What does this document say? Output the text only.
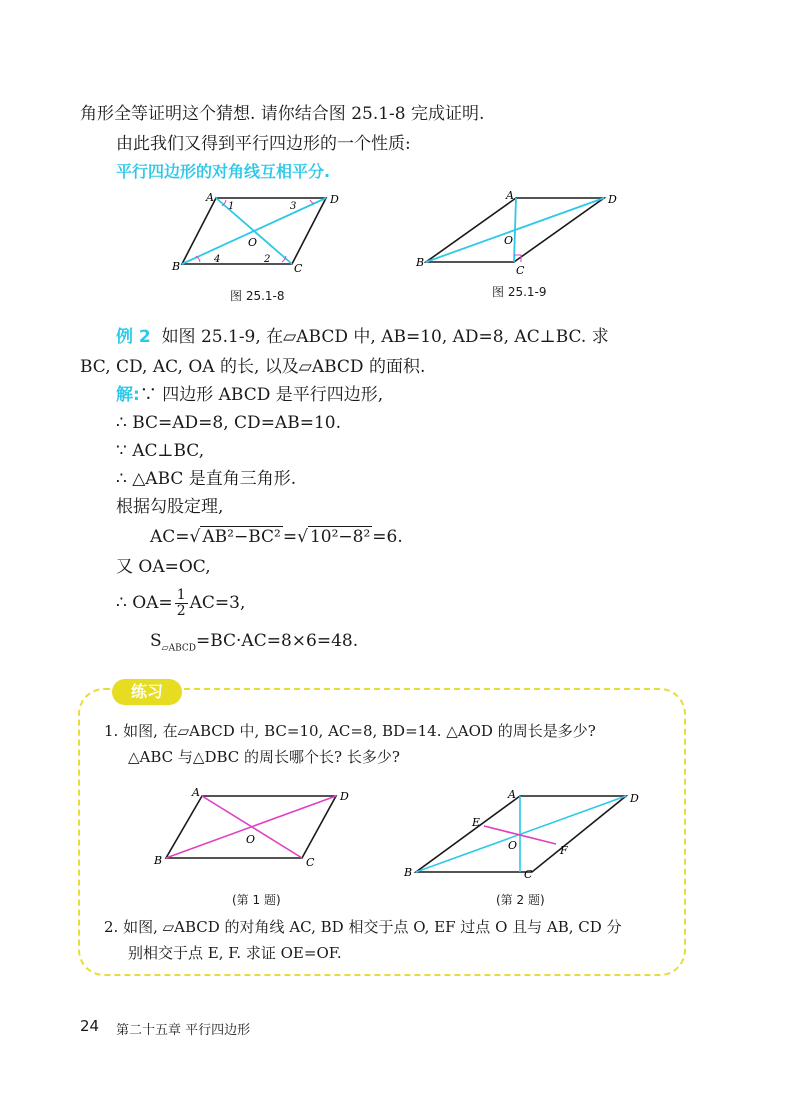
角形全等证明这个猜想. 请你结合图 25.1-8 完成证明.
由此我们又得到平行四边形的一个性质:
平行四边形的对角线互相平分.
A	D
B	C
O
1	3
2
4
图 25.1-8
A	D
B
C
O
图 25.1-9
例 2 如图 25.1-9, 在▱ABCD 中, AB=10, AD=8, AC⊥BC. 求
BC, CD, AC, OA 的长, 以及▱ABCD 的面积.
解:∵ 四边形 ABCD 是平行四边形,
∴ BC=AD=8, CD=AB=10.
∵ AC⊥BC,
∴ △ABC 是直角三角形.
根据勾股定理,
AC=√ AB²−BC² =√ 10²−8² =6.
又 OA=OC,
∴ $OA= \frac{1}{2} AC=3$,
$S_{▱ABCD}=BC\cdot AC=8\times 6=48$.
练习
1. 如图, 在▱ABCD 中, BC=10, AC=8, BD=14. △AOD 的周长是多少?
△ABC 与△DBC 的周长哪个长? 长多少?
A	D
B	C
O
(第 1 题)
A	D
B	C
E
F
O
(第 2 题)
2. 如图, ▱ABCD 的对角线 AC, BD 相交于点 O, EF 过点 O 且与 AB, CD 分
别相交于点 E, F. 求证 OE=OF.
24 第二十五章 平行四边形
